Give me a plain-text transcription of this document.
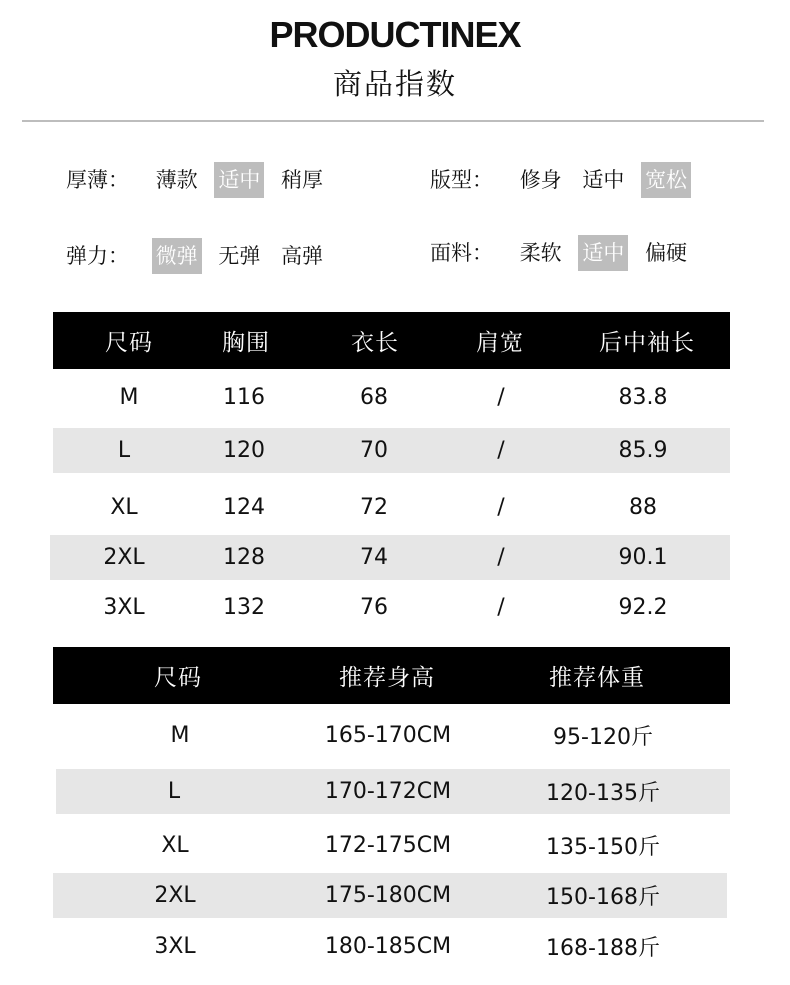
PRODUCTINEX
商品指数
厚薄： 薄款 适中 稍厚	版型： 修身 适中 宽松
弹力： 微弹 无弹 高弹	面料： 柔软 适中 偏硬
尺码	胸围	衣长	肩宽	后中袖长
M	116	68	/	83.8
L	120	70	/	85.9
XL	124	72	/	88
2XL	128	74	/	90.1
3XL	132	76	/	92.2
尺码	推荐身高	推荐体重
M	165-170CM	95-120斤
L	170-172CM	120-135斤
XL	172-175CM	135-150斤
2XL	175-180CM	150-168斤
3XL	180-185CM	168-188斤
